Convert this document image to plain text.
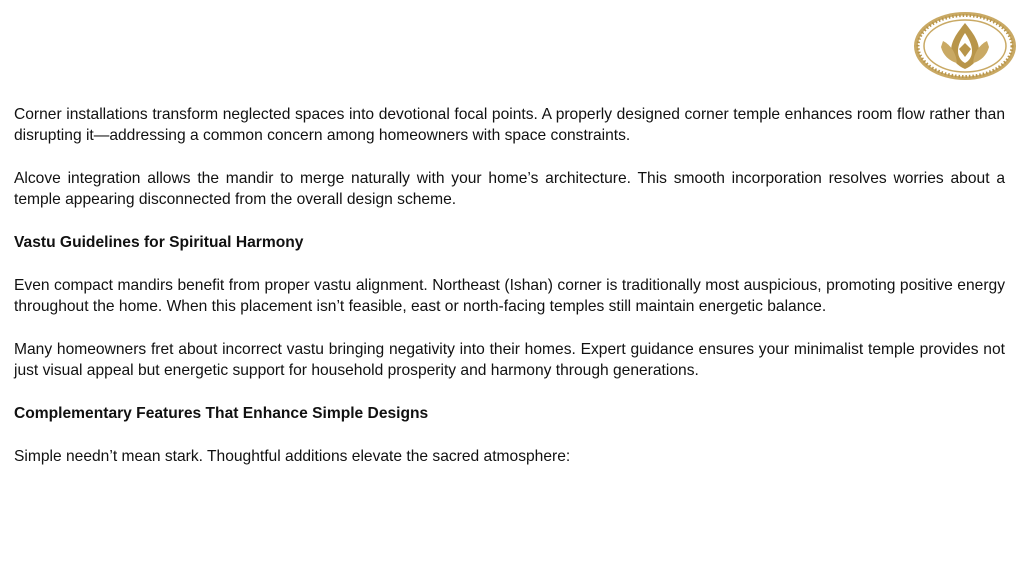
Corner installations transform neglected spaces into devotional focal points. A properly designed corner temple enhances room flow rather than disrupting it—addressing a common concern among homeowners with space constraints.

Alcove integration allows the mandir to merge naturally with your home’s architecture. This smooth incorporation resolves worries about a temple appearing disconnected from the overall design scheme.

Vastu Guidelines for Spiritual Harmony

Even compact mandirs benefit from proper vastu alignment. Northeast (Ishan) corner is traditionally most auspicious, promoting positive energy throughout the home. When this placement isn’t feasible, east or north-facing temples still maintain energetic balance.

Many homeowners fret about incorrect vastu bringing negativity into their homes. Expert guidance ensures your minimalist temple provides not just visual appeal but energetic support for household prosperity and harmony through generations.

Complementary Features That Enhance Simple Designs

Simple needn’t mean stark. Thoughtful additions elevate the sacred atmosphere:
